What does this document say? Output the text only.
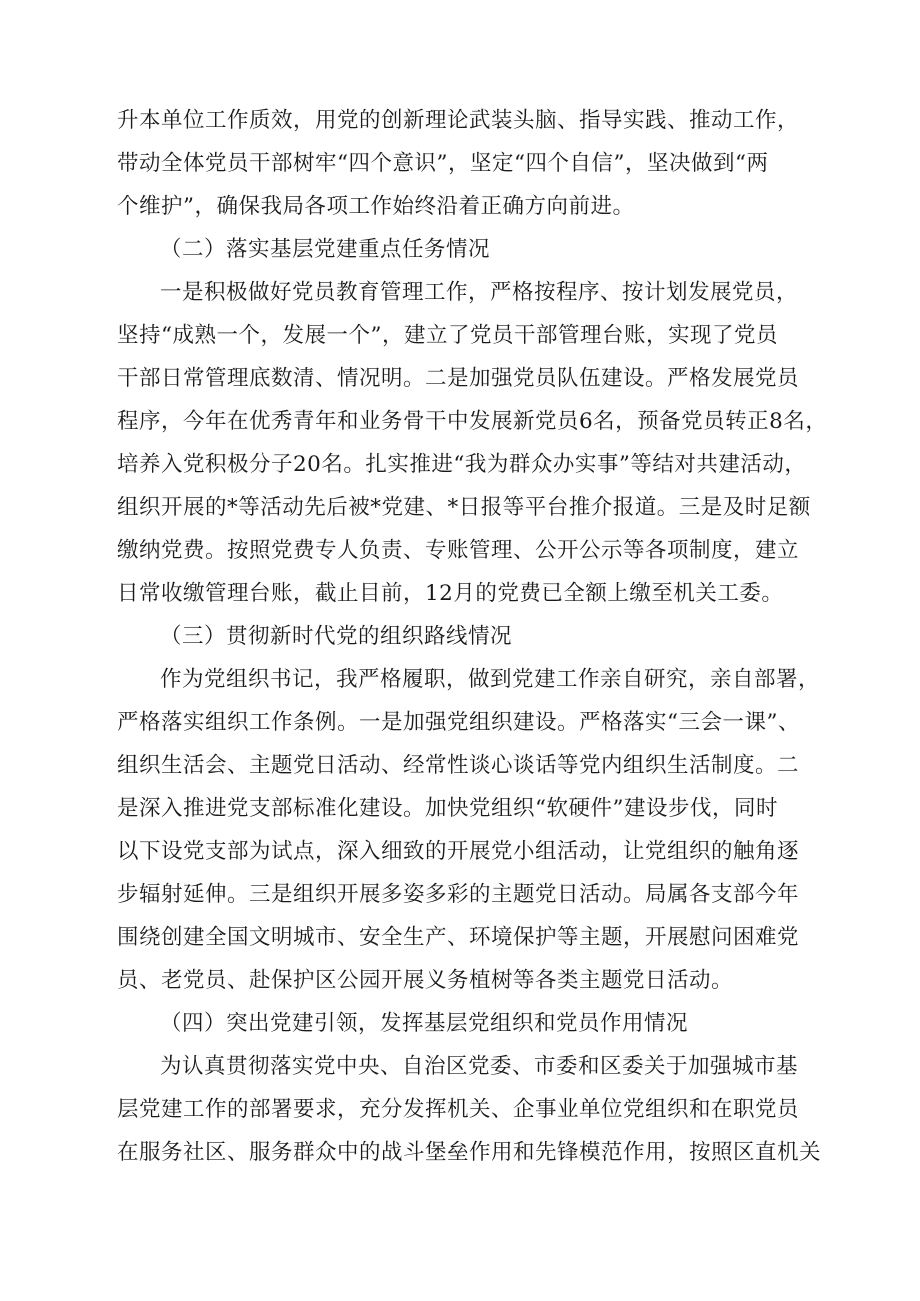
升本单位工作质效，用党的创新理论武装头脑、指导实践、推动工作，
带动全体党员干部树牢“四个意识”，坚定“四个自信”，坚决做到“两
个维护”，确保我局各项工作始终沿着正确方向前进。
（二）落实基层党建重点任务情况
一是积极做好党员教育管理工作，严格按程序、按计划发展党员，
坚持“成熟一个，发展一个”，建立了党员干部管理台账，实现了党员
干部日常管理底数清、情况明。二是加强党员队伍建设。严格发展党员
程序，今年在优秀青年和业务骨干中发展新党员6名，预备党员转正8名，
培养入党积极分子20名。扎实推进“我为群众办实事”等结对共建活动，
组织开展的*等活动先后被*党建、*日报等平台推介报道。三是及时足额
缴纳党费。按照党费专人负责、专账管理、公开公示等各项制度，建立
日常收缴管理台账，截止目前，12月的党费已全额上缴至机关工委。
（三）贯彻新时代党的组织路线情况
作为党组织书记，我严格履职，做到党建工作亲自研究，亲自部署，
严格落实组织工作条例。一是加强党组织建设。严格落实“三会一课”、
组织生活会、主题党日活动、经常性谈心谈话等党内组织生活制度。二
是深入推进党支部标准化建设。加快党组织“软硬件”建设步伐，同时
以下设党支部为试点，深入细致的开展党小组活动，让党组织的触角逐
步辐射延伸。三是组织开展多姿多彩的主题党日活动。局属各支部今年
围绕创建全国文明城市、安全生产、环境保护等主题，开展慰问困难党
员、老党员、赴保护区公园开展义务植树等各类主题党日活动。
（四）突出党建引领，发挥基层党组织和党员作用情况
为认真贯彻落实党中央、自治区党委、市委和区委关于加强城市基
层党建工作的部署要求，充分发挥机关、企事业单位党组织和在职党员
在服务社区、服务群众中的战斗堡垒作用和先锋模范作用，按照区直机关
